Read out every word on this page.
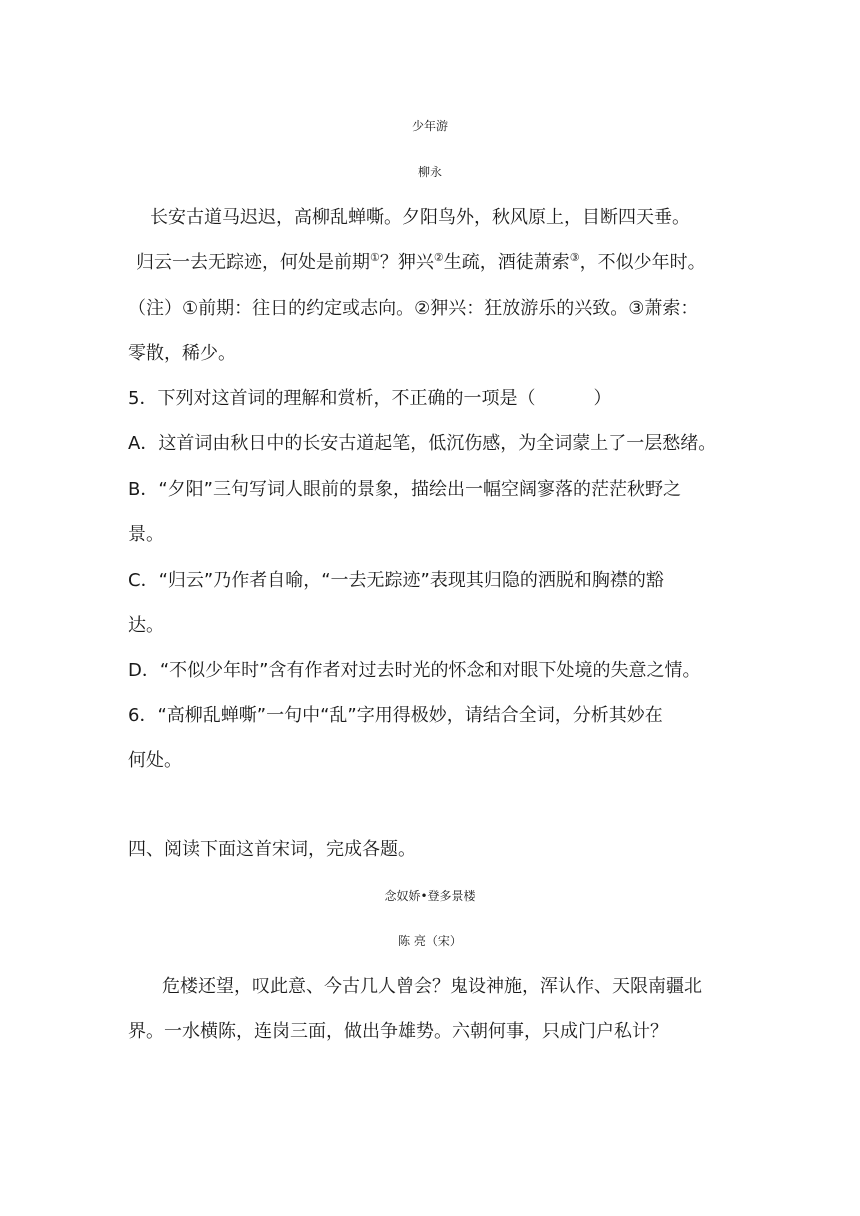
少年游
柳永
长安古道马迟迟，高柳乱蝉嘶。夕阳鸟外，秋风原上，目断四天垂。
归云一去无踪迹，何处是前期①？狎兴②生疏，酒徒萧索③，不似少年时。
（注）①前期：往日的约定或志向。②狎兴：狂放游乐的兴致。③萧索：
零散，稀少。
5．下列对这首词的理解和赏析，不正确的一项是（	）
A．这首词由秋日中的长安古道起笔，低沉伤感，为全词蒙上了一层愁绪。
B．“夕阳”三句写词人眼前的景象，描绘出一幅空阔寥落的茫茫秋野之
景。
C．“归云”乃作者自喻，“一去无踪迹”表现其归隐的洒脱和胸襟的豁
达。
D．“不似少年时”含有作者对过去时光的怀念和对眼下处境的失意之情。
6．“高柳乱蝉嘶”一句中“乱”字用得极妙，请结合全词，分析其妙在
何处。
四、阅读下面这首宋词，完成各题。
念奴娇•登多景楼
陈 亮（宋）
危楼还望，叹此意、今古几人曾会？鬼设神施，浑认作、天限南疆北
界。一水横陈，连岗三面，做出争雄势。六朝何事，只成门户私计？
